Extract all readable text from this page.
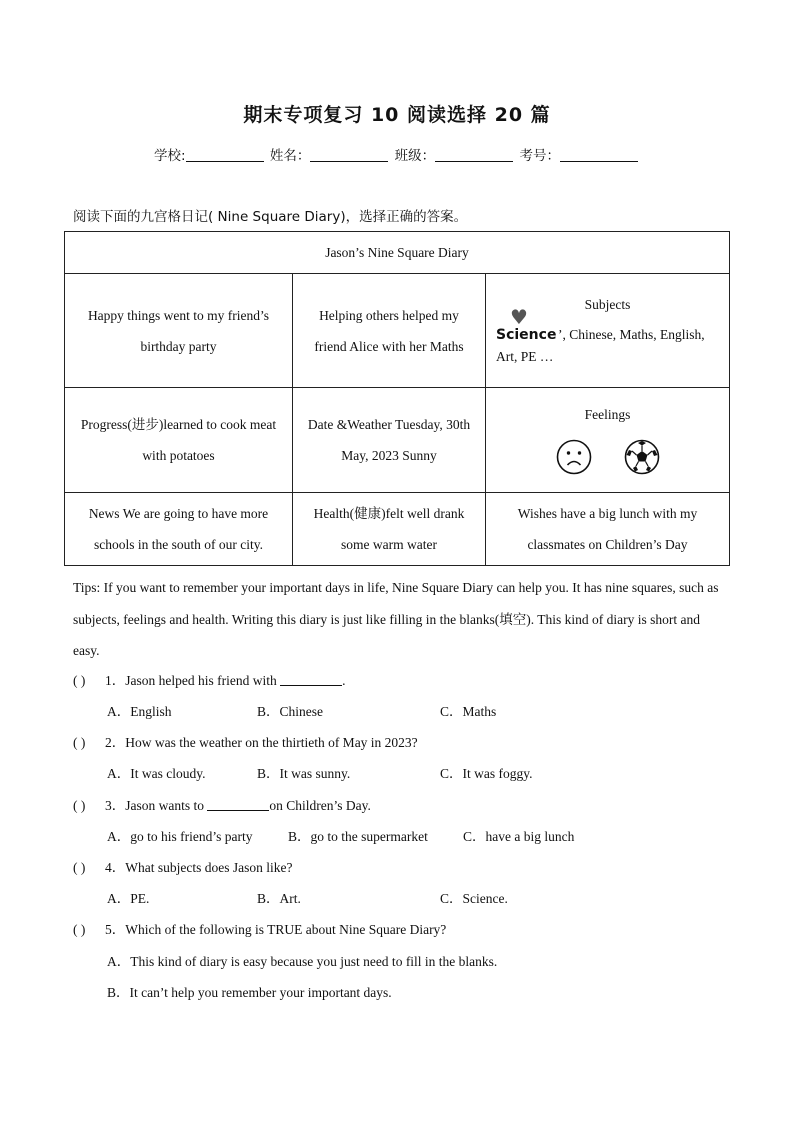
期末专项复习 10 阅读选择 20 篇
学校:	姓名：	班级：	考号：
阅读下面的九宫格日记( Nine Square Diary)，选择正确的答案。
Jason’s Nine Square Diary		
Happy things went to my friend’s birthday party	Helping others helped my friend Alice with her Maths	Subjects
♥
Science ’, Chinese, Maths, English, Art, PE …
Progress(进步)learned to cook meat with potatoes	Date &Weather Tuesday, 30th May, 2023 Sunny	Feelings

News We are going to have more schools in the south of our city.	Health(健康)felt well drank some warm water	Wishes have a big lunch with my classmates on Children’s Day
Tips: If you want to remember your important days in life, Nine Square Diary can help you. It has nine squares, such as subjects, feelings and health. Writing this diary is just like filling in the blanks(填空). This kind of diary is short and easy.
( ) 1．Jason helped his friend with	.
A．English	B．Chinese	C．Maths
( ) 2．How was the weather on the thirtieth of May in 2023?
A．It was cloudy.	B．It was sunny.	C．It was foggy.
( ) 3．Jason wants to	on Children’s Day.
A．go to his friend’s party	B．go to the supermarket	C．have a big lunch
( ) 4．What subjects does Jason like?
A．PE.	B．Art.	C．Science.
( ) 5．Which of the following is TRUE about Nine Square Diary?
A．This kind of diary is easy because you just need to fill in the blanks.
B．It can’t help you remember your important days.
